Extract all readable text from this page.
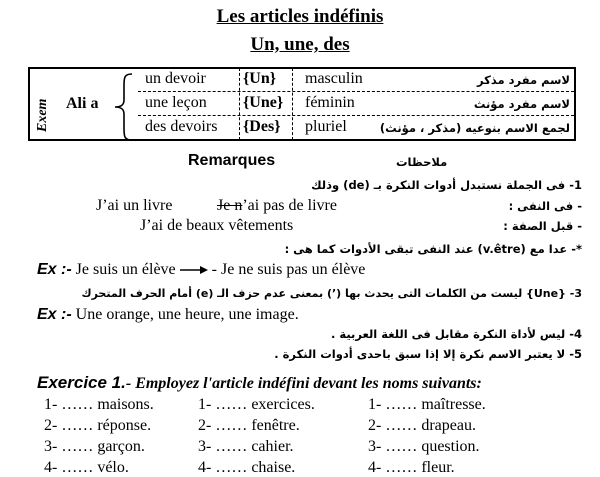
Les articles indéfinis
Un, une, des
Exem Ali a
un devoir {Un} masculin	لاسم مفرد مذكر
une leçon {Une} féminin	لاسم مفرد مؤنث
des devoirs {Des} pluriel	لجمع الاسم بنوعيه (مذكر ، مؤنث)
Remarques	ملاحظات
1- فى الجملة نستبدل أدوات النكرة بـ (de) وذلك
- فى النفى :
J’ai un livre	Je n’ai pas de livre
- قبل الصفة :
J’ai de beaux vêtements
*- عدا مع (v.être) عند النفى تبقى الأدوات كما هى :
Ex :- Je suis un élève - Je ne suis pas un élève
3- {Une} ليست من الكلمات التى يحدث بها (’) بمعنى عدم حزف الـ (e) أمام الحرف المتحرك
Ex :- Une orange, une heure, une image.
4- ليس لأداة النكرة مقابل فى اللغة العربية .
5- لا يعتبر الاسم نكرة إلا إذا سبق باحدى أدوات النكرة .
Exercice 1.- Employez l'article indéfini devant les noms suivants:
1- …… maisons.	1- …… exercices.	1- …… maîtresse.
2- …… réponse.	2- …… fenêtre.	2- …… drapeau.
3- …… garçon.	3- …… cahier.	3- …… question.
4- …… vélo.	4- …… chaise.	4- …… fleur.
